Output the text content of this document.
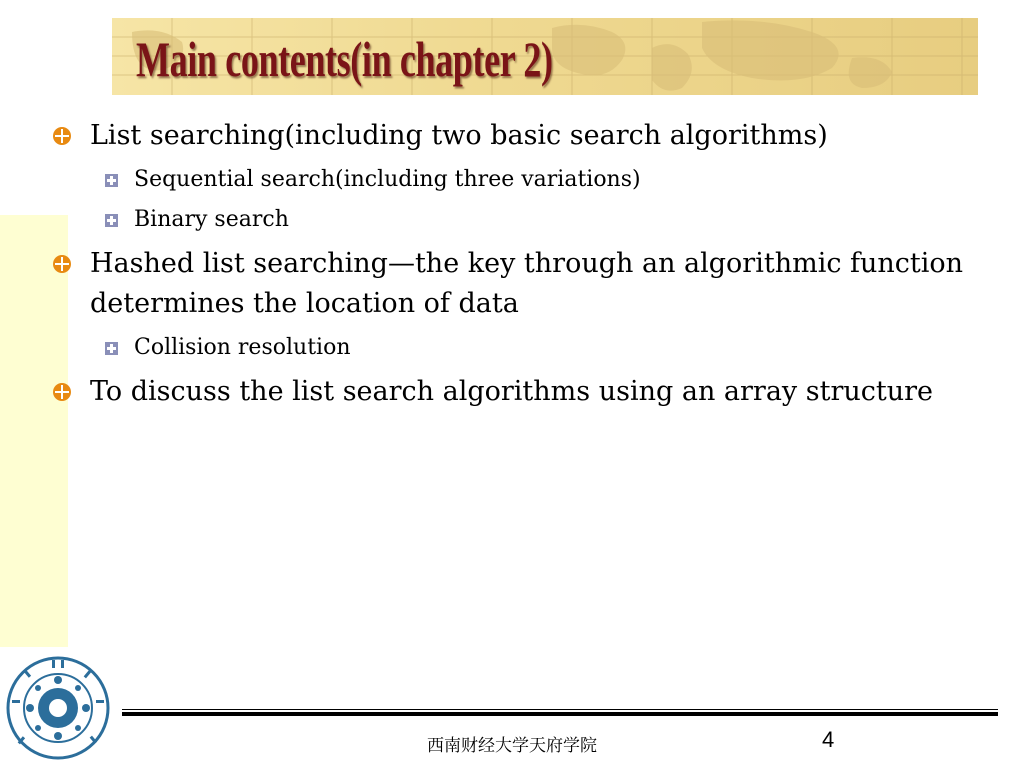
Main contents(in chapter 2)
List searching(including two basic search algorithms)
Sequential search(including three variations)
Binary search
Hashed list searching—the key through an algorithmic function determines the location of data
Collision resolution
To discuss the list search algorithms using an array structure
西南财经大学天府学院	4
